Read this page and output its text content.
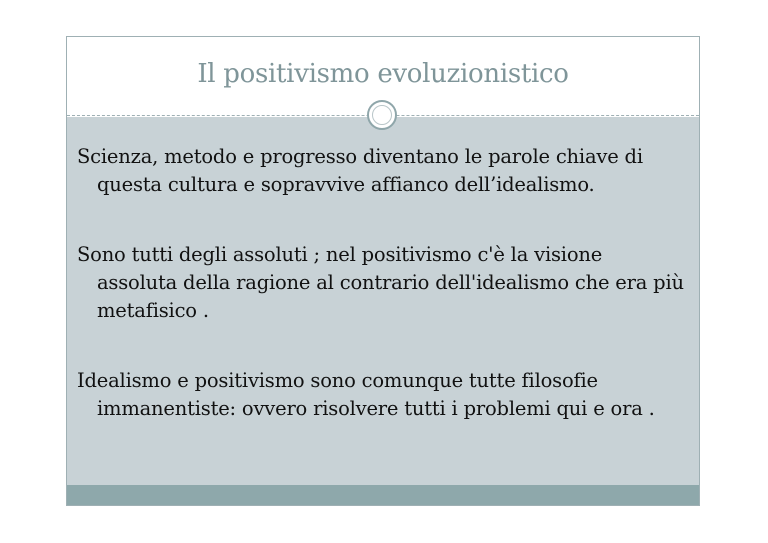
Il positivismo evoluzionistico
Scienza, metodo e progresso diventano le parole chiave di questa cultura e sopravvive affianco dell’idealismo.
Sono tutti degli assoluti ; nel positivismo c'è la visione assoluta della ragione al contrario dell'idealismo che era più metafisico .
Idealismo e positivismo sono comunque tutte filosofie immanentiste: ovvero risolvere tutti i problemi qui e ora .
